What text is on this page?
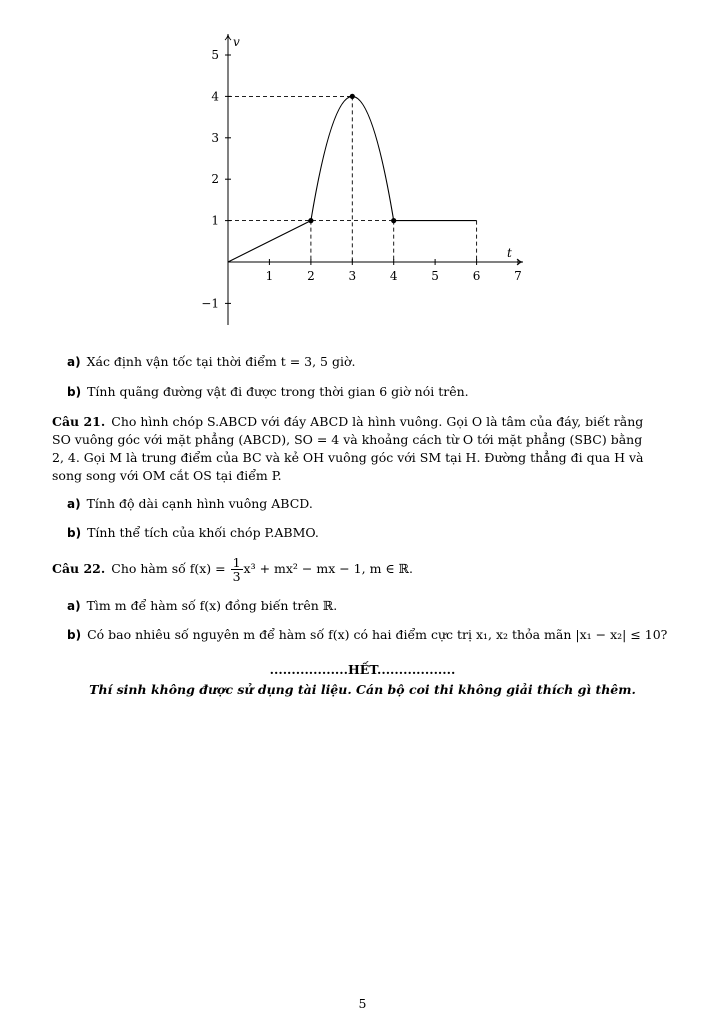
v
t
1	2	3	4	5	6	7
5
4
3
2
1
−1
a) Xác định vận tốc tại thời điểm t = 3, 5 giờ.
b) Tính quãng đường vật đi được trong thời gian 6 giờ nói trên.
Câu 21. Cho hình chóp S.ABCD với đáy ABCD là hình vuông. Gọi O là tâm của đáy, biết rằng
SO vuông góc với mặt phẳng (ABCD), SO = 4 và khoảng cách từ O tới mặt phẳng (SBC) bằng
2, 4. Gọi M là trung điểm của BC và kẻ OH vuông góc với SM tại H. Đường thẳng đi qua H và
song song với OM cắt OS tại điểm P.
a) Tính độ dài cạnh hình vuông ABCD.
b) Tính thể tích của khối chóp P.ABMO.
Câu 22. Cho hàm số $f(x) = \frac{1}{3} x^3 + mx^2$ − mx − 1, m ∈ ℝ.
a) Tìm m để hàm số f(x) đồng biến trên ℝ.
b) Có bao nhiêu số nguyên m để hàm số f(x) có hai điểm cực trị x₁, x₂ thỏa mãn |x₁ − x₂| ≤ 10?
..................HẾT..................
Thí sinh không được sử dụng tài liệu. Cán bộ coi thi không giải thích gì thêm.
5
